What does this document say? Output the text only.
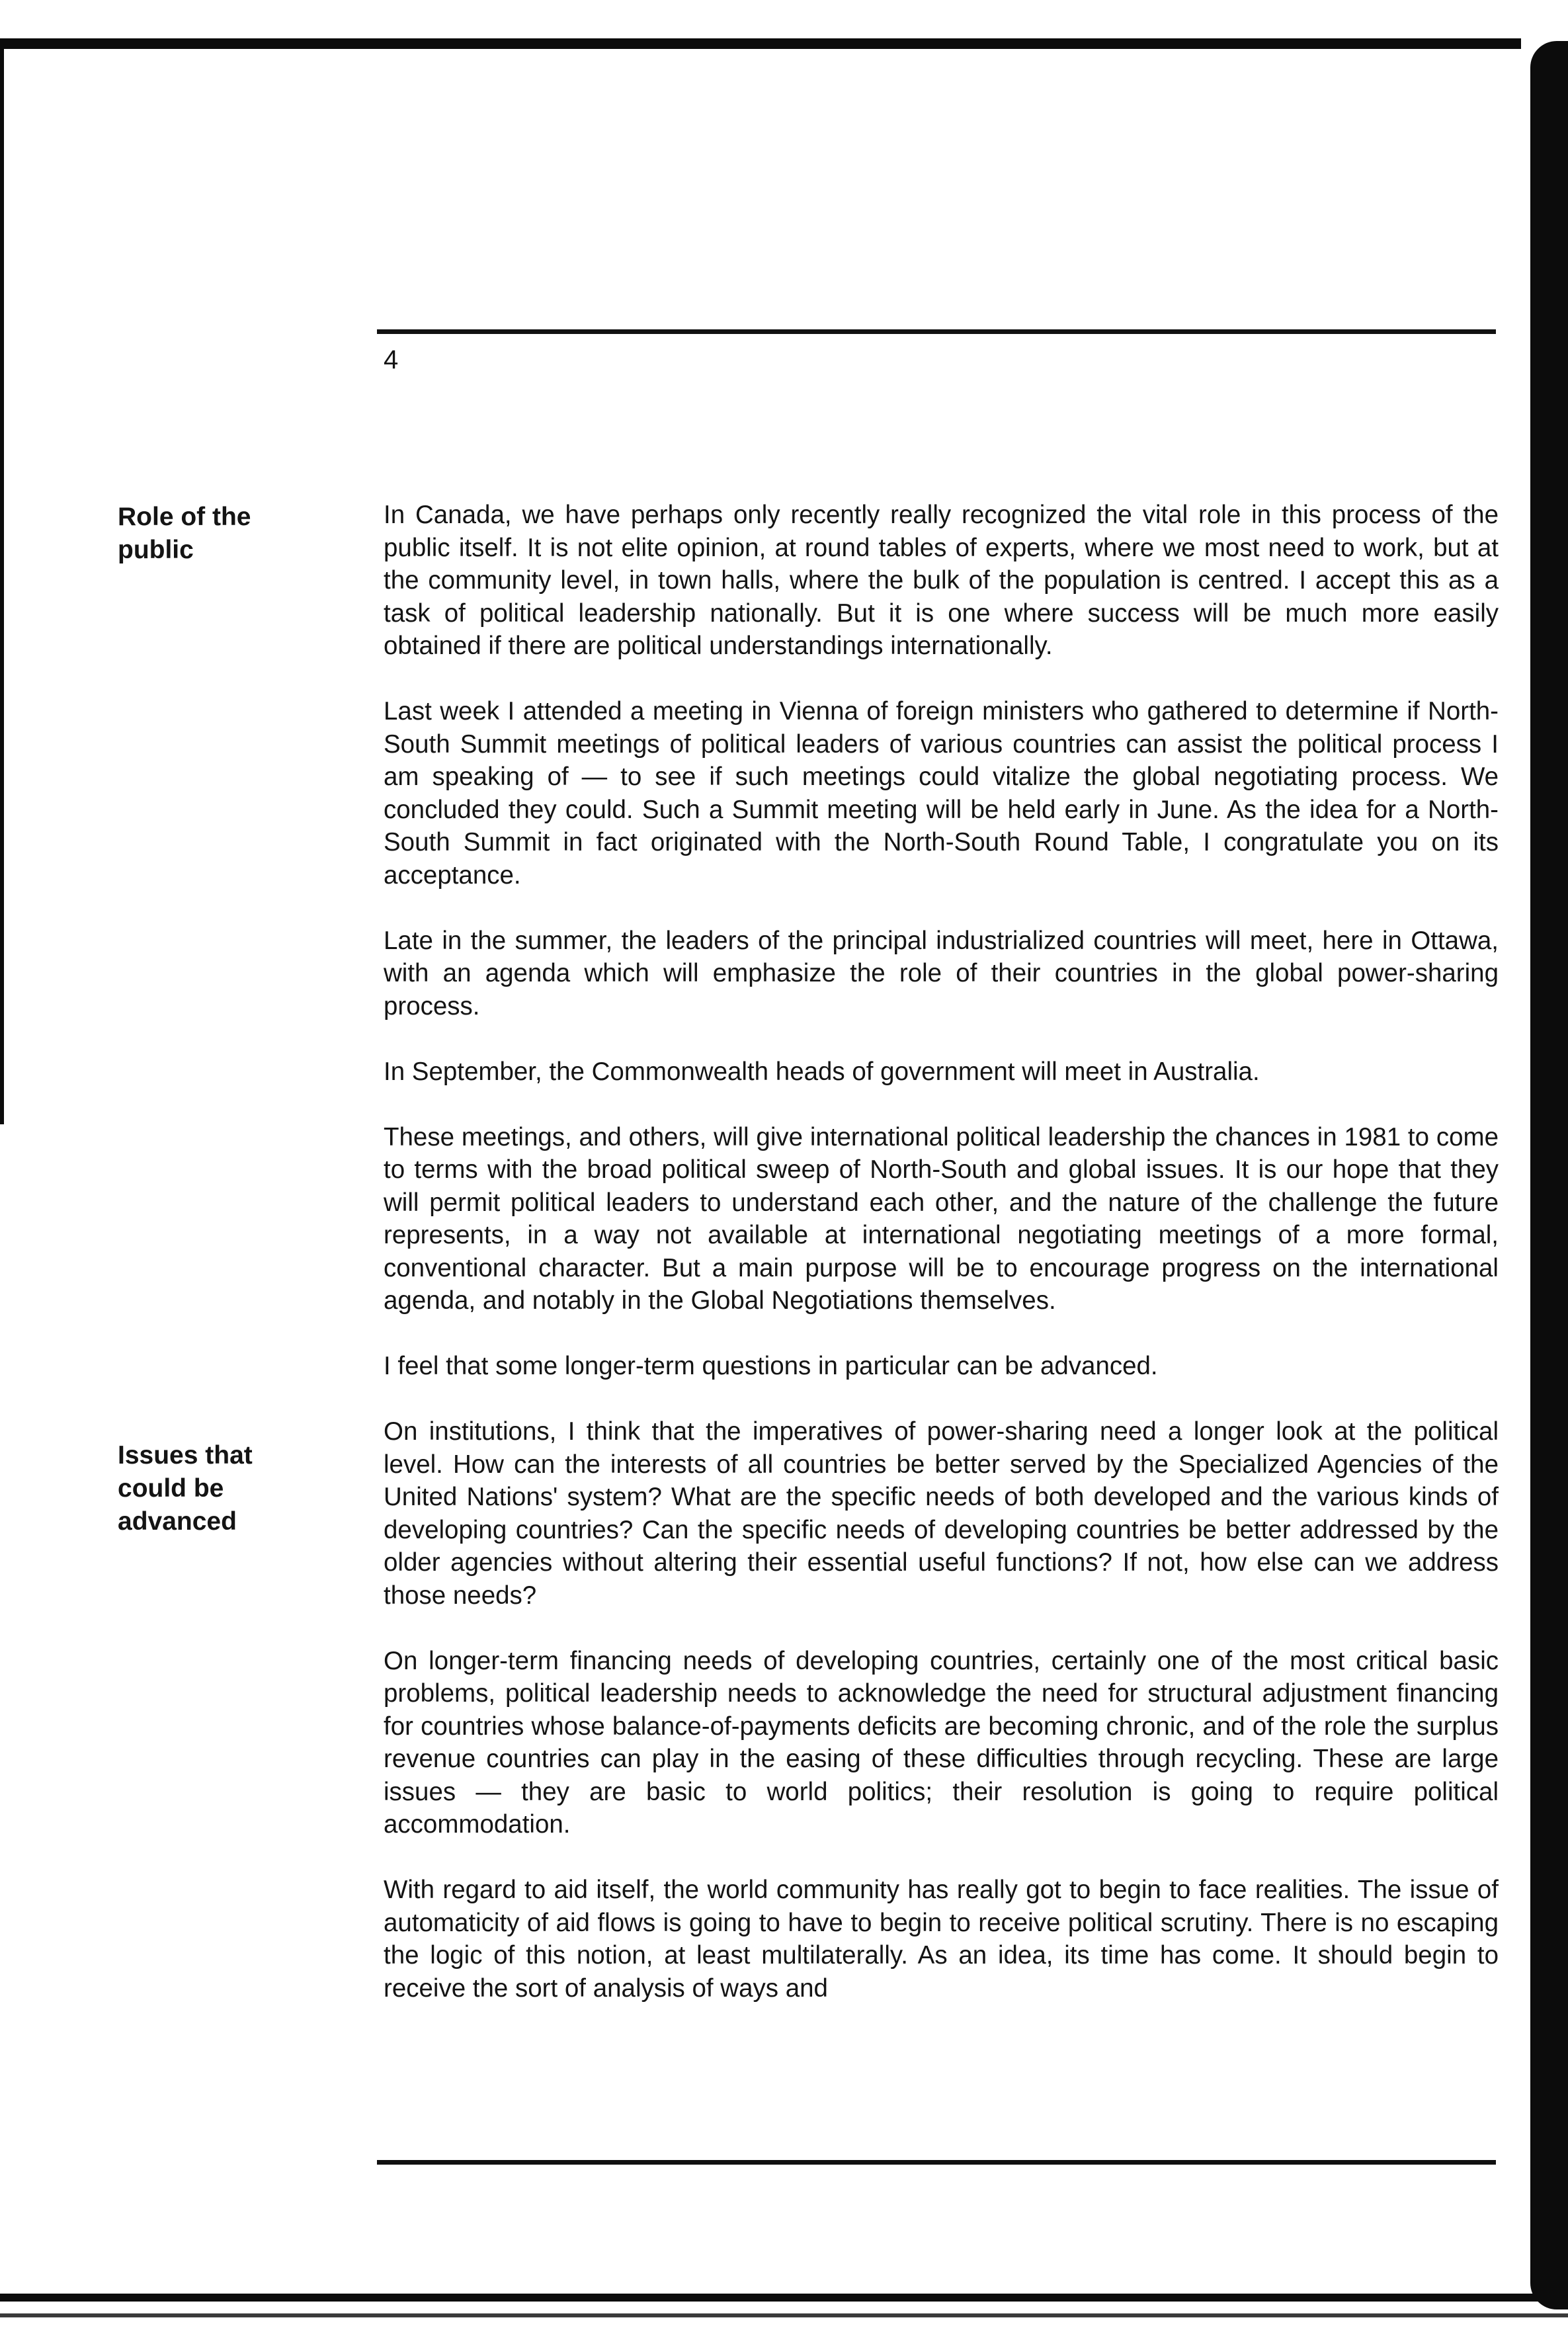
4
Role of the
public
Issues that
could be
advanced

In Canada, we have perhaps only recently really recognized the vital role in this process of the public itself. It is not elite opinion, at round tables of experts, where we most need to work, but at the community level, in town halls, where the bulk of the population is centred. I accept this as a task of political leadership nationally. But it is one where success will be much more easily obtained if there are political understandings internationally.

Last week I attended a meeting in Vienna of foreign ministers who gathered to determine if North-South Summit meetings of political leaders of various countries can assist the political process I am speaking of — to see if such meetings could vitalize the global negotiating process. We concluded they could. Such a Summit meeting will be held early in June. As the idea for a North-South Summit in fact originated with the North-South Round Table, I congratulate you on its acceptance.

Late in the summer, the leaders of the principal industrialized countries will meet, here in Ottawa, with an agenda which will emphasize the role of their countries in the global power-sharing process.

In September, the Commonwealth heads of government will meet in Australia.

These meetings, and others, will give international political leadership the chances in 1981 to come to terms with the broad political sweep of North-South and global issues. It is our hope that they will permit political leaders to understand each other, and the nature of the challenge the future represents, in a way not available at international negotiating meetings of a more formal, conventional character. But a main purpose will be to encourage progress on the international agenda, and notably in the Global Negotiations themselves.

I feel that some longer-term questions in particular can be advanced.

On institutions, I think that the imperatives of power-sharing need a longer look at the political level. How can the interests of all countries be better served by the Specialized Agencies of the United Nations' system? What are the specific needs of both developed and the various kinds of developing countries? Can the specific needs of developing countries be better addressed by the older agencies without altering their essential useful functions? If not, how else can we address those needs?

On longer-term financing needs of developing countries, certainly one of the most critical basic problems, political leadership needs to acknowledge the need for structural adjustment financing for countries whose balance-of-payments deficits are becoming chronic, and of the role the surplus revenue countries can play in the easing of these difficulties through recycling. These are large issues — they are basic to world politics; their resolution is going to require political accommodation.

With regard to aid itself, the world community has really got to begin to face realities. The issue of automaticity of aid flows is going to have to begin to receive political scrutiny. There is no escaping the logic of this notion, at least multilaterally. As an idea, its time has come. It should begin to receive the sort of analysis of ways and
